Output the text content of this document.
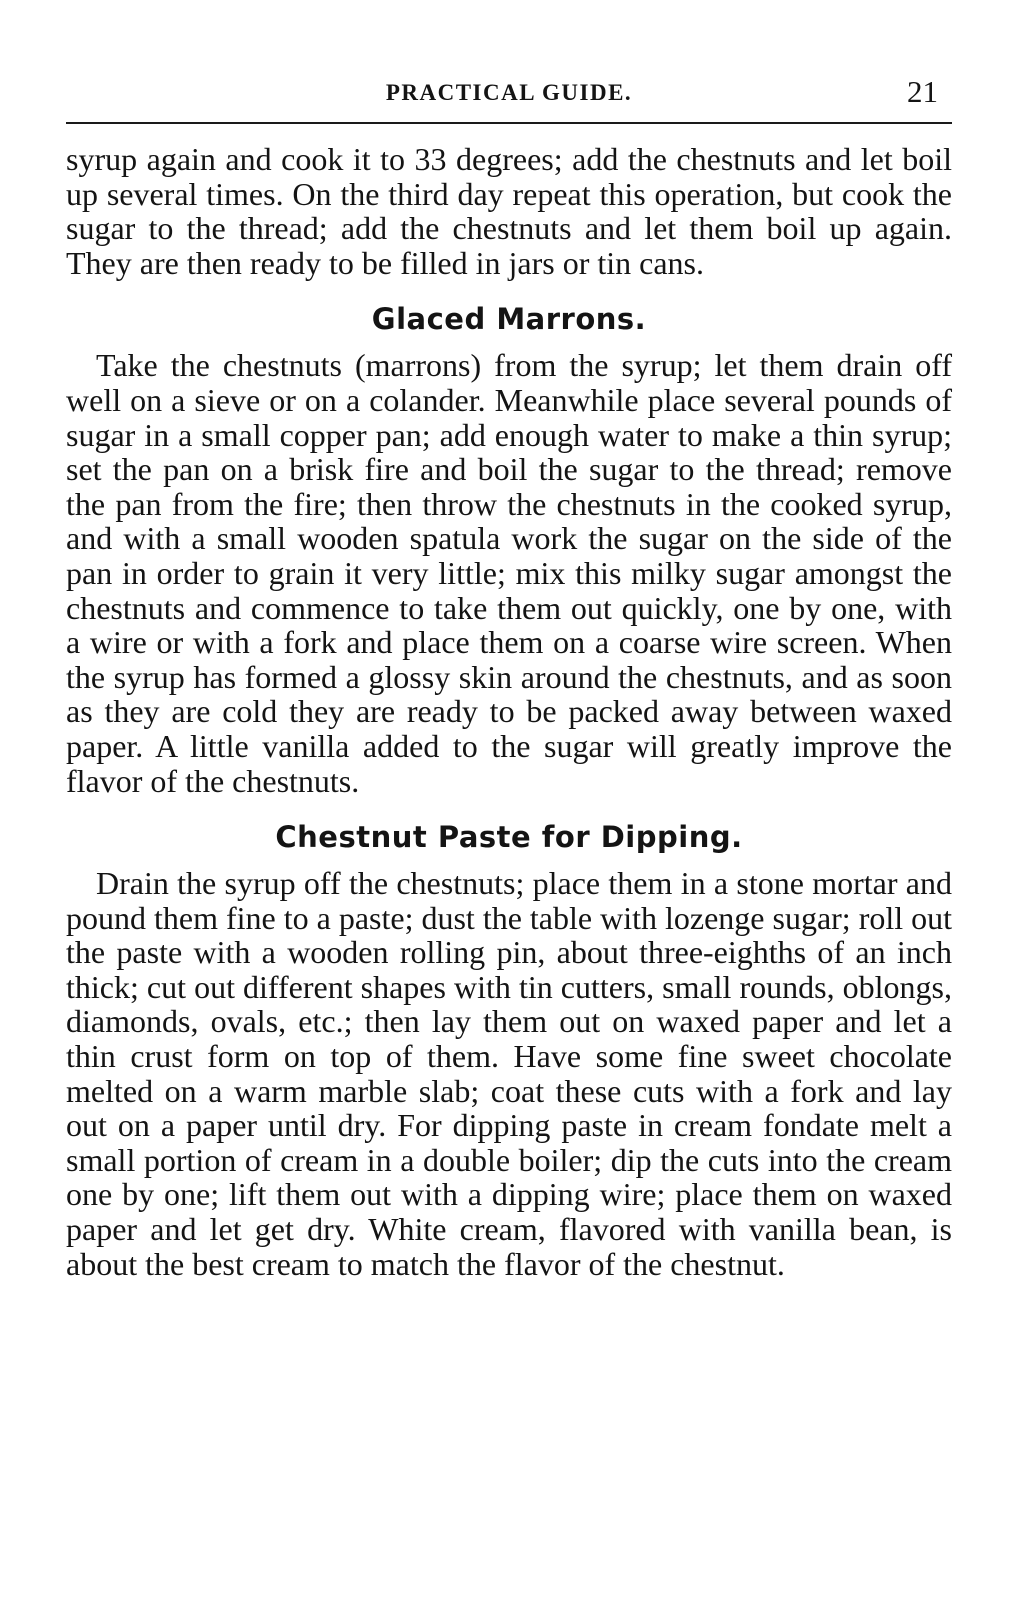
PRACTICAL GUIDE.	21

syrup again and cook it to 33 degrees; add the chestnuts and let boil up several times. On the third day repeat this operation, but cook the sugar to the thread; add the chestnuts and let them boil up again. They are then ready to be filled in jars or tin cans.

Glaced Marrons.

Take the chestnuts (marrons) from the syrup; let them drain off well on a sieve or on a colander. Meanwhile place several pounds of sugar in a small copper pan; add enough water to make a thin syrup; set the pan on a brisk fire and boil the sugar to the thread; remove the pan from the fire; then throw the chestnuts in the cooked syrup, and with a small wooden spatula work the sugar on the side of the pan in order to grain it very little; mix this milky sugar amongst the chestnuts and commence to take them out quickly, one by one, with a wire or with a fork and place them on a coarse wire screen. When the syrup has formed a glossy skin around the chestnuts, and as soon as they are cold they are ready to be packed away between waxed paper. A little vanilla added to the sugar will greatly improve the flavor of the chestnuts.

Chestnut Paste for Dipping.

Drain the syrup off the chestnuts; place them in a stone mortar and pound them fine to a paste; dust the table with lozenge sugar; roll out the paste with a wooden rolling pin, about three-eighths of an inch thick; cut out different shapes with tin cutters, small rounds, oblongs, diamonds, ovals, etc.; then lay them out on waxed paper and let a thin crust form on top of them. Have some fine sweet chocolate melted on a warm marble slab; coat these cuts with a fork and lay out on a paper until dry. For dipping paste in cream fondate melt a small portion of cream in a double boiler; dip the cuts into the cream one by one; lift them out with a dipping wire; place them on waxed paper and let get dry. White cream, flavored with vanilla bean, is about the best cream to match the flavor of the chestnut.
